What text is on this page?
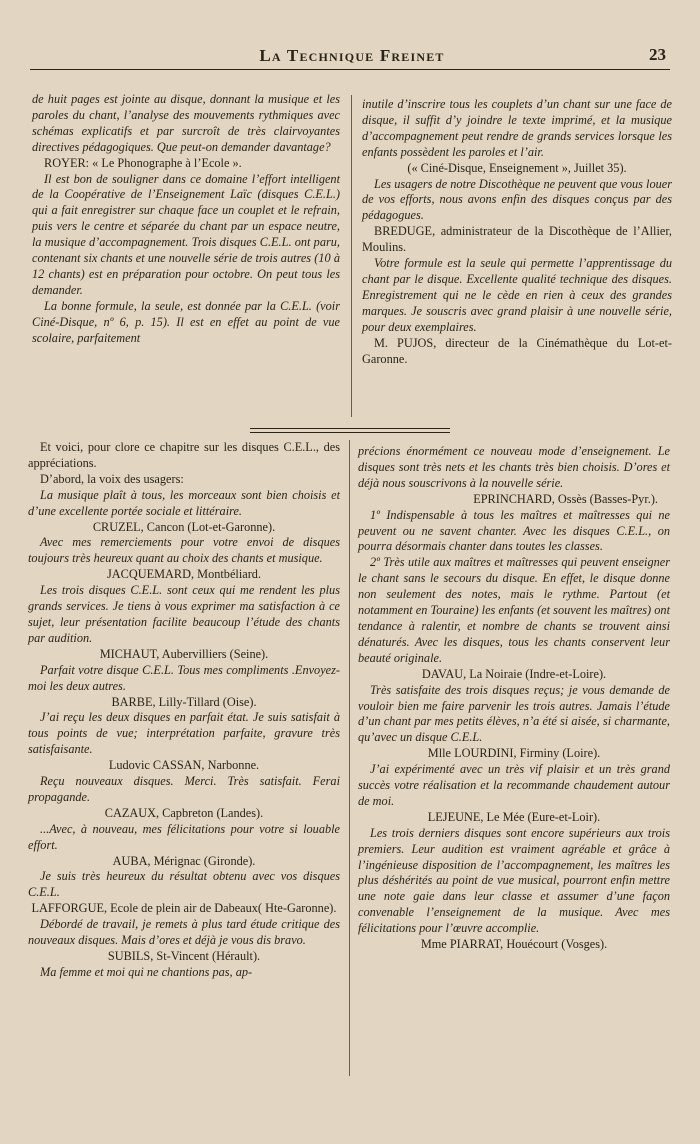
La Technique Freinet	23

de huit pages est jointe au disque, donnant la musique et les paroles du chant, l’analyse des mouvements rythmiques avec schémas explicatifs et par surcroît de très clairvoyantes directives pédagogiques. Que peut-on demander davantage?

ROYER: « Le Phonographe à l’Ecole ».

Il est bon de souligner dans ce domaine l’effort intelligent de la Coopérative de l’Enseignement Laïc (disques C.E.L.) qui a fait enregistrer sur chaque face un couplet et le refrain, puis vers le centre et séparée du chant par un espace neutre, la musique d’accompagnement. Trois disques C.E.L. ont paru, contenant six chants et une nouvelle série de trois autres (10 à 12 chants) est en préparation pour octobre. On peut tous les demander.

La bonne formule, la seule, est donnée par la C.E.L. (voir Ciné-Disque, nº 6, p. 15). Il est en effet au point de vue scolaire, parfaitement

inutile d’inscrire tous les couplets d’un chant sur une face de disque, il suffit d’y joindre le texte imprimé, et la musique d’accompagnement peut rendre de grands services lorsque les enfants possèdent les paroles et l’air.

(« Ciné-Disque, Enseignement », Juillet 35).

Les usagers de notre Discothèque ne peuvent que vous louer de vos efforts, nous avons enfin des disques conçus par des pédagogues.

BREDUGE, administrateur de la Discothèque de l’Allier, Moulins.

Votre formule est la seule qui permette l’apprentissage du chant par le disque. Excellente qualité technique des disques. Enregistrement qui ne le cède en rien à ceux des grandes marques. Je souscris avec grand plaisir à une nouvelle série, pour deux exemplaires.

M. PUJOS, directeur de la Cinémathèque du Lot-et-Garonne.

Et voici, pour clore ce chapitre sur les disques C.E.L., des appréciations.

D’abord, la voix des usagers:

La musique plaît à tous, les morceaux sont bien choisis et d’une excellente portée sociale et littéraire.

CRUZEL, Cancon (Lot-et-Garonne).

Avec mes remerciements pour votre envoi de disques toujours très heureux quant au choix des chants et musique.

JACQUEMARD, Montbéliard.

Les trois disques C.E.L. sont ceux qui me rendent les plus grands services. Je tiens à vous exprimer ma satisfaction à ce sujet, leur présentation facilite beaucoup l’étude des chants par audition.

MICHAUT, Aubervilliers (Seine).

Parfait votre disque C.E.L. Tous mes compliments .Envoyez-moi les deux autres.

BARBE, Lilly-Tillard (Oise).

J’ai reçu les deux disques en parfait état. Je suis satisfait à tous points de vue; interprétation parfaite, gravure très satisfaisante.

Ludovic CASSAN, Narbonne.

Reçu nouveaux disques. Merci. Très satisfait. Ferai propagande.

CAZAUX, Capbreton (Landes).

...Avec, à nouveau, mes félicitations pour votre si louable effort.

AUBA, Mérignac (Gironde).

Je suis très heureux du résultat obtenu avec vos disques C.E.L.

LAFFORGUE, Ecole de plein air de Dabeaux( Hte-Garonne).

Débordé de travail, je remets à plus tard étude critique des nouveaux disques. Mais d’ores et déjà je vous dis bravo.

SUBILS, St-Vincent (Hérault).

Ma femme et moi qui ne chantions pas, ap-

précions énormément ce nouveau mode d’enseignement. Le disques sont très nets et les chants très bien choisis. D’ores et déjà nous souscrivons à la nouvelle série.

EPRINCHARD, Ossès (Basses-Pyr.).

1º Indispensable à tous les maîtres et maîtresses qui ne peuvent ou ne savent chanter. Avec les disques C.E.L., on pourra désormais chanter dans toutes les classes.

2º Très utile aux maîtres et maîtresses qui peuvent enseigner le chant sans le secours du disque. En effet, le disque donne non seulement des notes, mais le rythme. Partout (et notamment en Touraine) les enfants (et souvent les maîtres) ont tendance à ralentir, et nombre de chants se trouvent ainsi dénaturés. Avec les disques, tous les chants conservent leur beauté originale.

DAVAU, La Noiraie (Indre-et-Loire).

Très satisfaite des trois disques reçus; je vous demande de vouloir bien me faire parvenir les trois autres. Jamais l’étude d’un chant par mes petits élèves, n’a été si aisée, si charmante, qu’avec un disque C.E.L.

Mlle LOURDINI, Firminy (Loire).

J’ai expérimenté avec un très vif plaisir et un très grand succès votre réalisation et la recommande chaudement autour de moi.

LEJEUNE, Le Mée (Eure-et-Loir).

Les trois derniers disques sont encore supérieurs aux trois premiers. Leur audition est vraiment agréable et grâce à l’ingénieuse disposition de l’accompagnement, les maîtres les plus déshérités au point de vue musical, pourront enfin mettre une note gaie dans leur classe et assumer d’une façon convenable l’enseignement de la musique. Avec mes félicitations pour l’œuvre accomplie.

Mme PIARRAT, Houécourt (Vosges).
